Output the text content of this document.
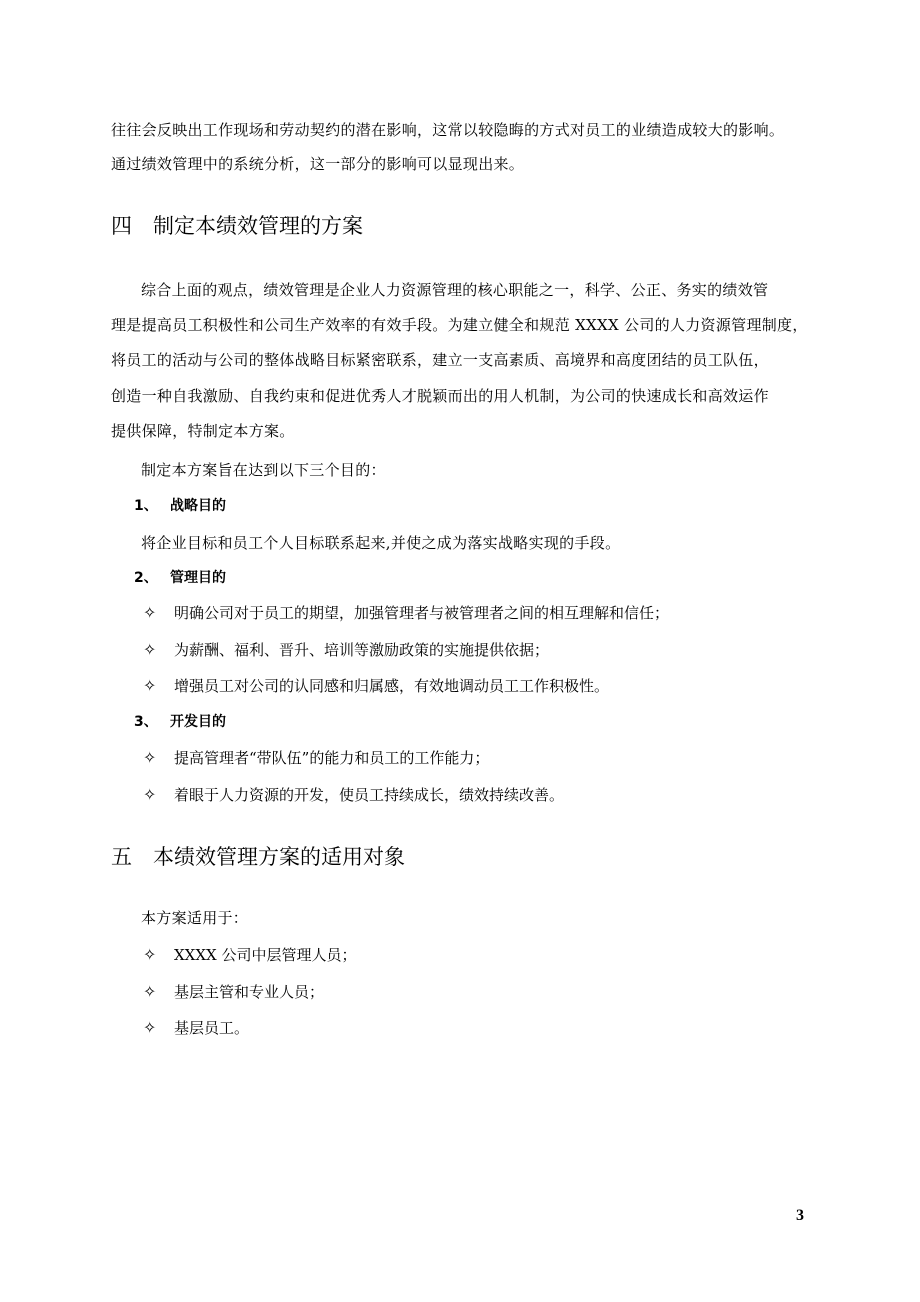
往往会反映出工作现场和劳动契约的潜在影响，这常以较隐晦的方式对员工的业绩造成较大的影响。
通过绩效管理中的系统分析，这一部分的影响可以显现出来。
四 制定本绩效管理的方案
综合上面的观点，绩效管理是企业人力资源管理的核心职能之一，科学、公正、务实的绩效管
理是提高员工积极性和公司生产效率的有效手段。为建立健全和规范 XXXX 公司的人力资源管理制度，
将员工的活动与公司的整体战略目标紧密联系，建立一支高素质、高境界和高度团结的员工队伍，
创造一种自我激励、自我约束和促进优秀人才脱颖而出的用人机制，为公司的快速成长和高效运作
提供保障，特制定本方案。
制定本方案旨在达到以下三个目的：
1、 战略目的
将企业目标和员工个人目标联系起来,并使之成为落实战略实现的手段。
2、 管理目的
✧ 明确公司对于员工的期望，加强管理者与被管理者之间的相互理解和信任；
✧ 为薪酬、福利、晋升、培训等激励政策的实施提供依据；
✧ 增强员工对公司的认同感和归属感，有效地调动员工工作积极性。
3、 开发目的
✧ 提高管理者“带队伍”的能力和员工的工作能力；
✧ 着眼于人力资源的开发，使员工持续成长，绩效持续改善。
五 本绩效管理方案的适用对象
本方案适用于：
✧ XXXX 公司中层管理人员；
✧ 基层主管和专业人员；
✧ 基层员工。
3
